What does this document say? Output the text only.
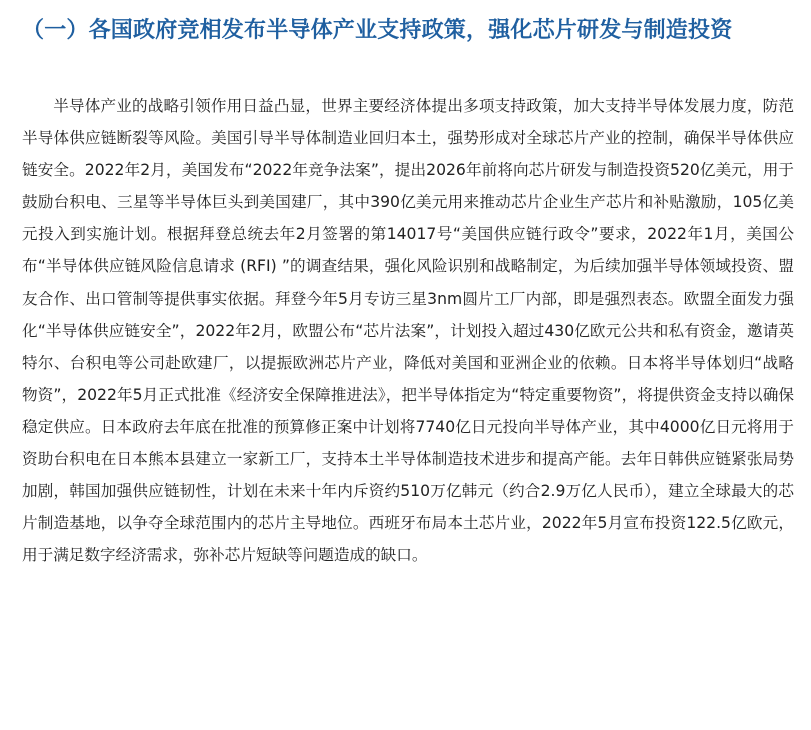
（一）各国政府竞相发布半导体产业支持政策，强化芯片研发与制造投资

半导体产业的战略引领作用日益凸显，世界主要经济体提出多项支持政策，加大支持半导体发展力度，防范半导体供应链断裂等风险。美国引导半导体制造业回归本土，强势形成对全球芯片产业的控制，确保半导体供应链安全。2022年2月，美国发布“2022年竞争法案”，提出2026年前将向芯片研发与制造投资520亿美元，用于鼓励台积电、三星等半导体巨头到美国建厂，其中390亿美元用来推动芯片企业生产芯片和补贴激励，105亿美元投入到实施计划。根据拜登总统去年2月签署的第14017号“美国供应链行政令”要求，2022年1月，美国公布“半导体供应链风险信息请求 (RFI) ”的调查结果，强化风险识别和战略制定，为后续加强半导体领域投资、盟友合作、出口管制等提供事实依据。拜登今年5月专访三星3nm圆片工厂内部，即是强烈表态。欧盟全面发力强化“半导体供应链安全”，2022年2月，欧盟公布“芯片法案”，计划投入超过430亿欧元公共和私有资金，邀请英特尔、台积电等公司赴欧建厂，以提振欧洲芯片产业，降低对美国和亚洲企业的依赖。日本将半导体划归“战略物资”，2022年5月正式批准《经济安全保障推进法》，把半导体指定为“特定重要物资”，将提供资金支持以确保稳定供应。日本政府去年底在批准的预算修正案中计划将7740亿日元投向半导体产业，其中4000亿日元将用于资助台积电在日本熊本县建立一家新工厂，支持本土半导体制造技术进步和提高产能。去年日韩供应链紧张局势加剧，韩国加强供应链韧性，计划在未来十年内斥资约510万亿韩元（约合2.9万亿人民币），建立全球最大的芯片制造基地，以争夺全球范围内的芯片主导地位。西班牙布局本土芯片业，2022年5月宣布投资122.5亿欧元，用于满足数字经济需求，弥补芯片短缺等问题造成的缺口。
